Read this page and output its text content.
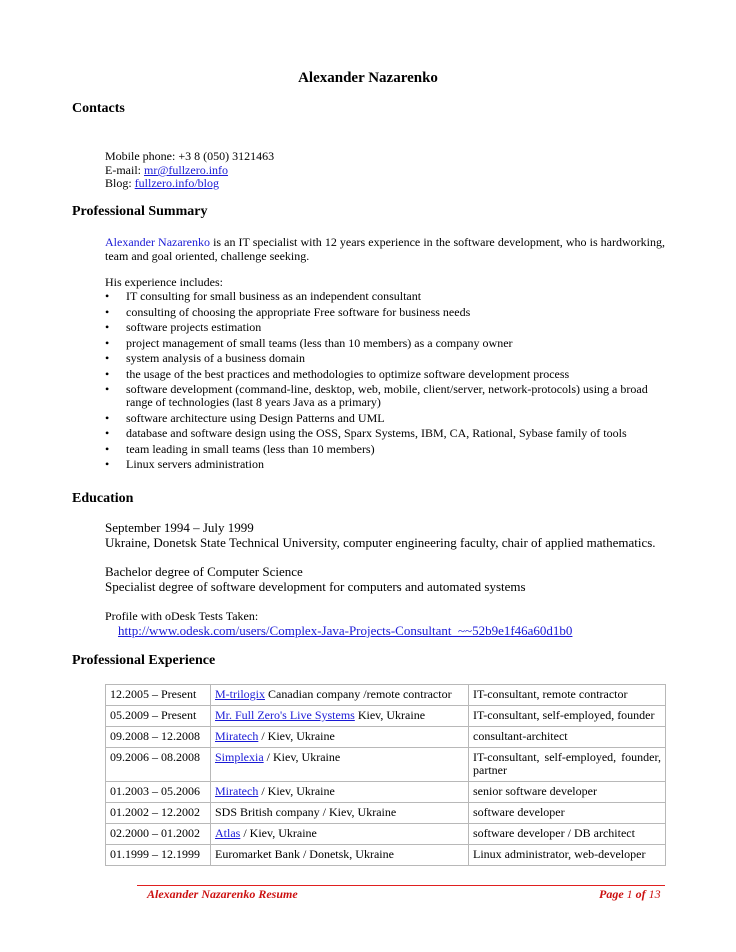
Alexander Nazarenko
Contacts
Mobile phone: +3 8 (050) 3121463
E-mail: mr@fullzero.info
Blog: fullzero.info/blog
Professional Summary
Alexander Nazarenko is an IT specialist with 12 years experience in the software development, who is hardworking, team and goal oriented, challenge seeking.
His experience includes:
• IT consulting for small business as an independent consultant
• consulting of choosing the appropriate Free software for business needs
• software projects estimation
• project management of small teams (less than 10 members) as a company owner
• system analysis of a business domain
• the usage of the best practices and methodologies to optimize software development process
• software development (command-line, desktop, web, mobile, client/server, network-protocols) using a broad range of technologies (last 8 years Java as a primary)
• software architecture using Design Patterns and UML
• database and software design using the OSS, Sparx Systems, IBM, CA, Rational, Sybase family of tools
• team leading in small teams (less than 10 members)
• Linux servers administration
Education
September 1994 – July 1999
Ukraine, Donetsk State Technical University, computer engineering faculty, chair of applied mathematics.
Bachelor degree of Computer Science
Specialist degree of software development for computers and automated systems
Profile with oDesk Tests Taken:
http://www.odesk.com/users/Complex-Java-Projects-Consultant_~~52b9e1f46a60d1b0
Professional Experience
12.2005 – Present	M-trilogix Canadian company /remote contractor	IT-consultant, remote contractor
05.2009 – Present	Mr. Full Zero's Live Systems Kiev, Ukraine	IT-consultant, self-employed, founder
09.2008 – 12.2008	Miratech / Kiev, Ukraine	consultant-architect
09.2006 – 08.2008	Simplexia / Kiev, Ukraine	IT-consultant, self-employed, founder, partner
01.2003 – 05.2006	Miratech / Kiev, Ukraine	senior software developer
01.2002 – 12.2002	SDS British company / Kiev, Ukraine	software developer
02.2000 – 01.2002	Atlas / Kiev, Ukraine	software developer / DB architect
01.1999 – 12.1999	Euromarket Bank / Donetsk, Ukraine	Linux administrator, web-developer
Alexander Nazarenko Resume	Page 1 of 13
